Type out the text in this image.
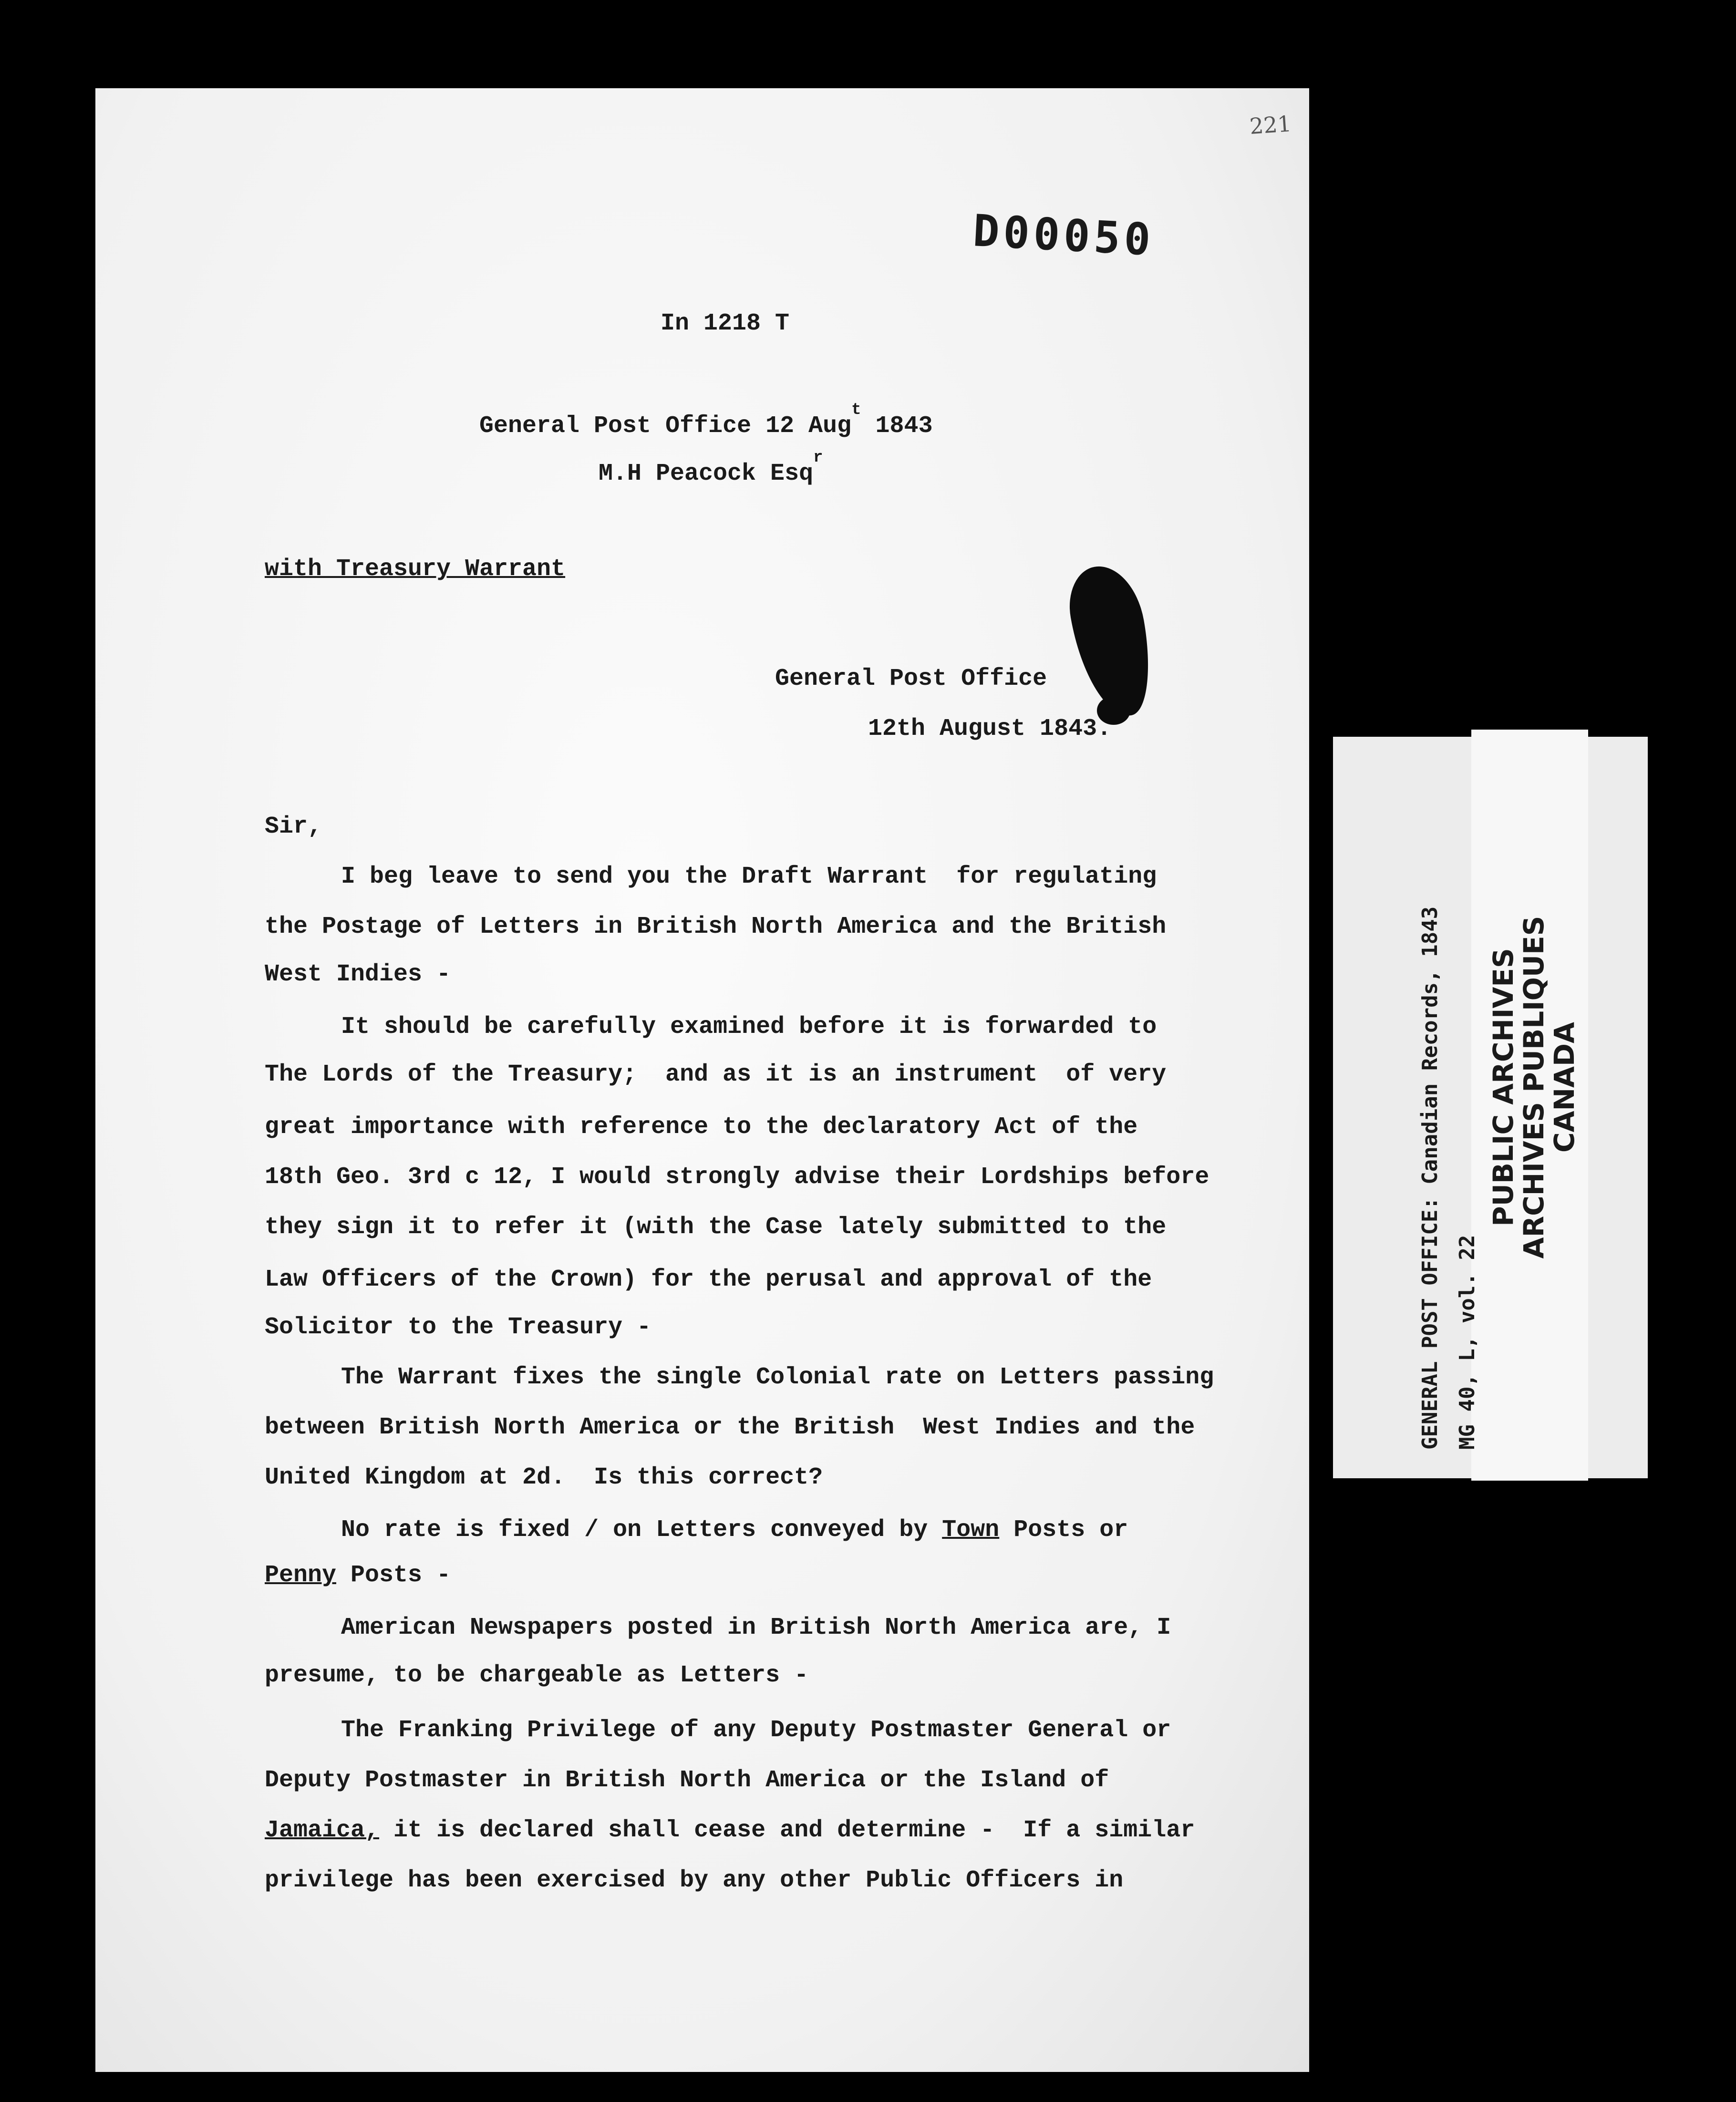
221
D00050
In 1218 T
General Post Office 12 Aug$^t$ 1843
M.H Peacock Esq$^r$
with Treasury Warrant
General Post Office
12th August 1843.
Sir,
I beg leave to send you the Draft Warrant  for regulating
the Postage of Letters in British North America and the British
West Indies -
It should be carefully examined before it is forwarded to
The Lords of the Treasury;  and as it is an instrument  of very
great importance with reference to the declaratory Act of the
18th Geo. 3rd c 12, I would strongly advise their Lordships before
they sign it to refer it (with the Case lately submitted to the
Law Officers of the Crown) for the perusal and approval of the
Solicitor to the Treasury -
The Warrant fixes the single Colonial rate on Letters passing
between British North America or the British  West Indies and the
United Kingdom at 2d.  Is this correct?
No rate is fixed / on Letters conveyed by Town Posts or
Penny Posts -
American Newspapers posted in British North America are, I
presume, to be chargeable as Letters -
The Franking Privilege of any Deputy Postmaster General or
Deputy Postmaster in British North America or the Island of
Jamaica, it is declared shall cease and determine -  If a similar
privilege has been exercised by any other Public Officers in
GENERAL POST OFFICE: Canadian Records, 1843 MG 40, L, vol. 22
PUBLIC ARCHIVES
ARCHIVES PUBLIQUES
CANADA
